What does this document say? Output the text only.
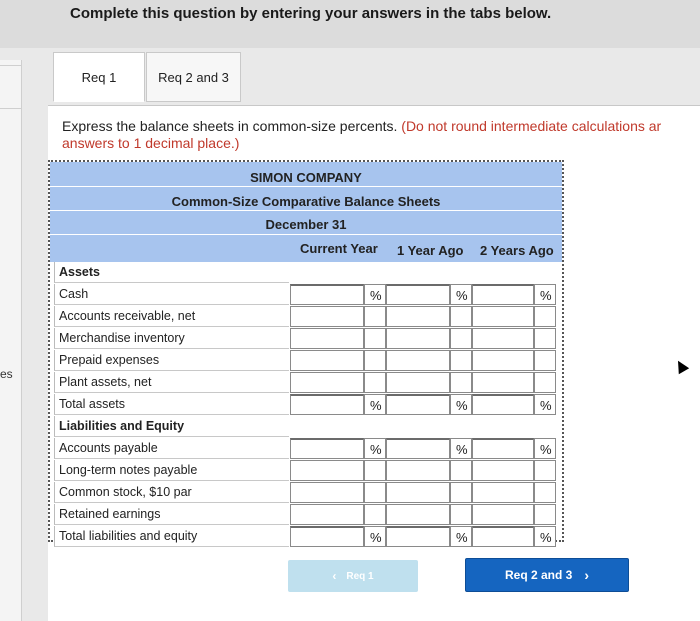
Complete this question by entering your answers in the tabs below.
es
Req 1	Req 2 and 3
Express the balance sheets in common-size percents. (Do not round intermediate calculations ar
answers to 1 decimal place.)
SIMON COMPANY
Common-Size Comparative Balance Sheets
December 31
Current Year 1 Year Ago 2 Years Ago
Assets
Cash	%	%	%
Accounts receivable, net
Merchandise inventory
Prepaid expenses
Plant assets, net
Total assets	%	%	%
Liabilities and Equity
Accounts payable	%	%	%
Long-term notes payable
Common stock, $10 par
Retained earnings
Total liabilities and equity	%	%	%
‹ Req 1	Req 2 and 3 ›
